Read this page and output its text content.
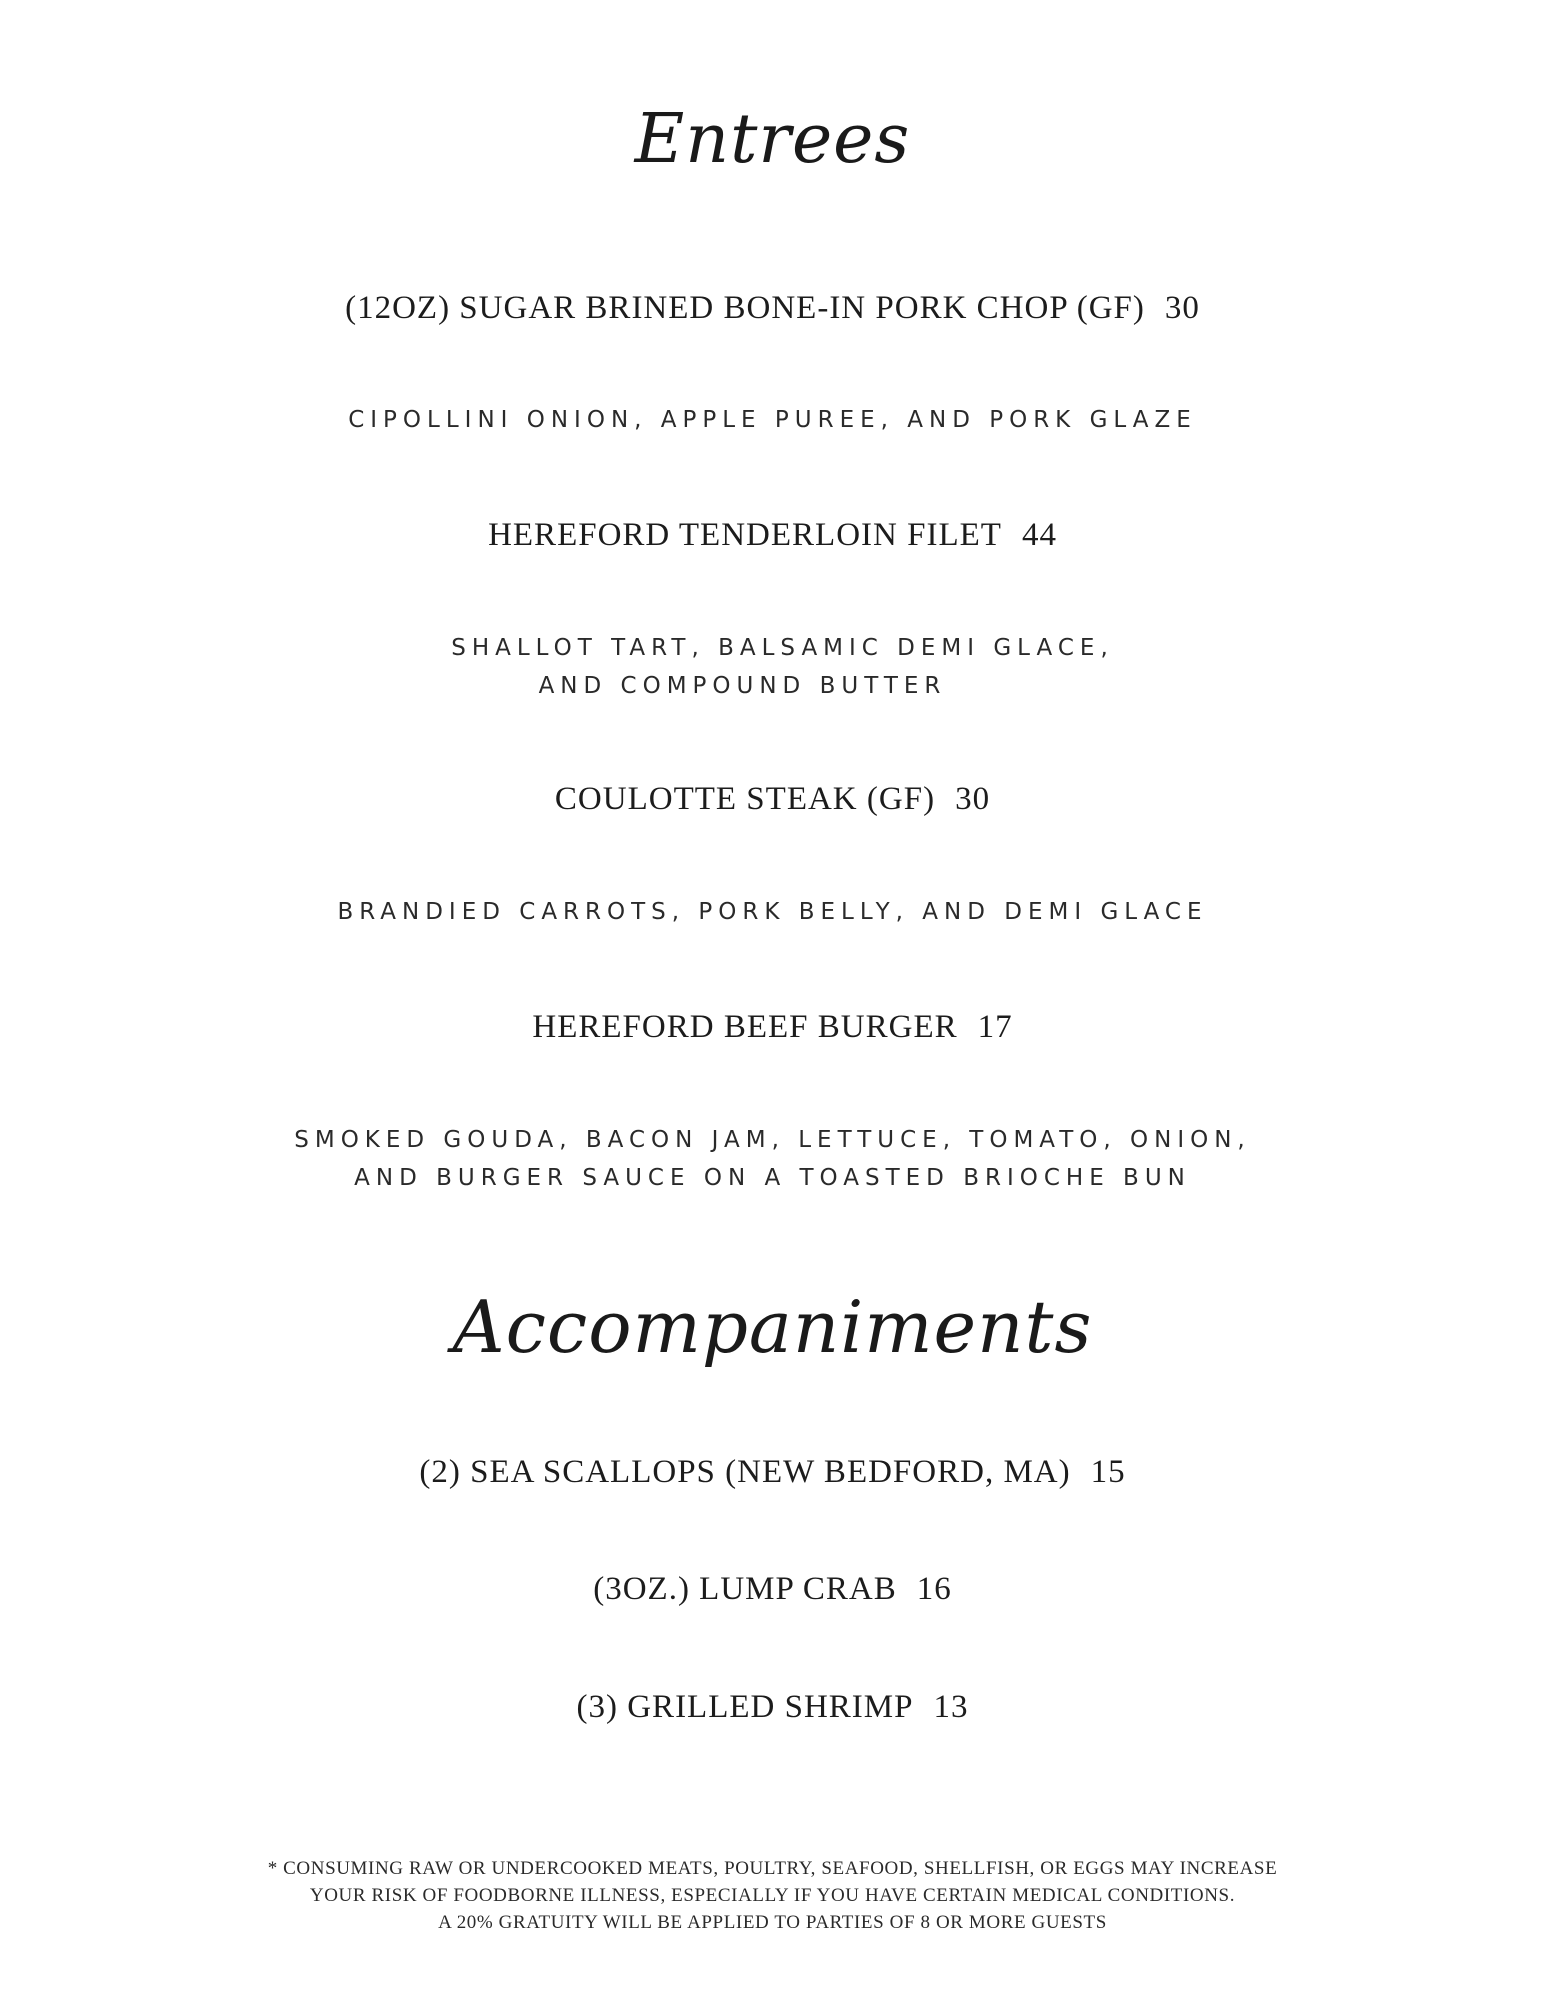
Entrees
(12OZ) SUGAR BRINED BONE-IN PORK CHOP (GF) 30
CIPOLLINI ONION, APPLE PUREE, AND PORK GLAZE
HEREFORD TENDERLOIN FILET 44
SHALLOT TART, BALSAMIC DEMI GLACE,
AND COMPOUND BUTTER
COULOTTE STEAK (GF) 30
BRANDIED CARROTS, PORK BELLY, AND DEMI GLACE
HEREFORD BEEF BURGER 17
SMOKED GOUDA, BACON JAM, LETTUCE, TOMATO, ONION,
AND BURGER SAUCE ON A TOASTED BRIOCHE BUN
Accompaniments
(2) SEA SCALLOPS (NEW BEDFORD, MA) 15
(3OZ.) LUMP CRAB 16
(3) GRILLED SHRIMP 13
* CONSUMING RAW OR UNDERCOOKED MEATS, POULTRY, SEAFOOD, SHELLFISH, OR EGGS MAY INCREASE
YOUR RISK OF FOODBORNE ILLNESS, ESPECIALLY IF YOU HAVE CERTAIN MEDICAL CONDITIONS.
A 20% GRATUITY WILL BE APPLIED TO PARTIES OF 8 OR MORE GUESTS
